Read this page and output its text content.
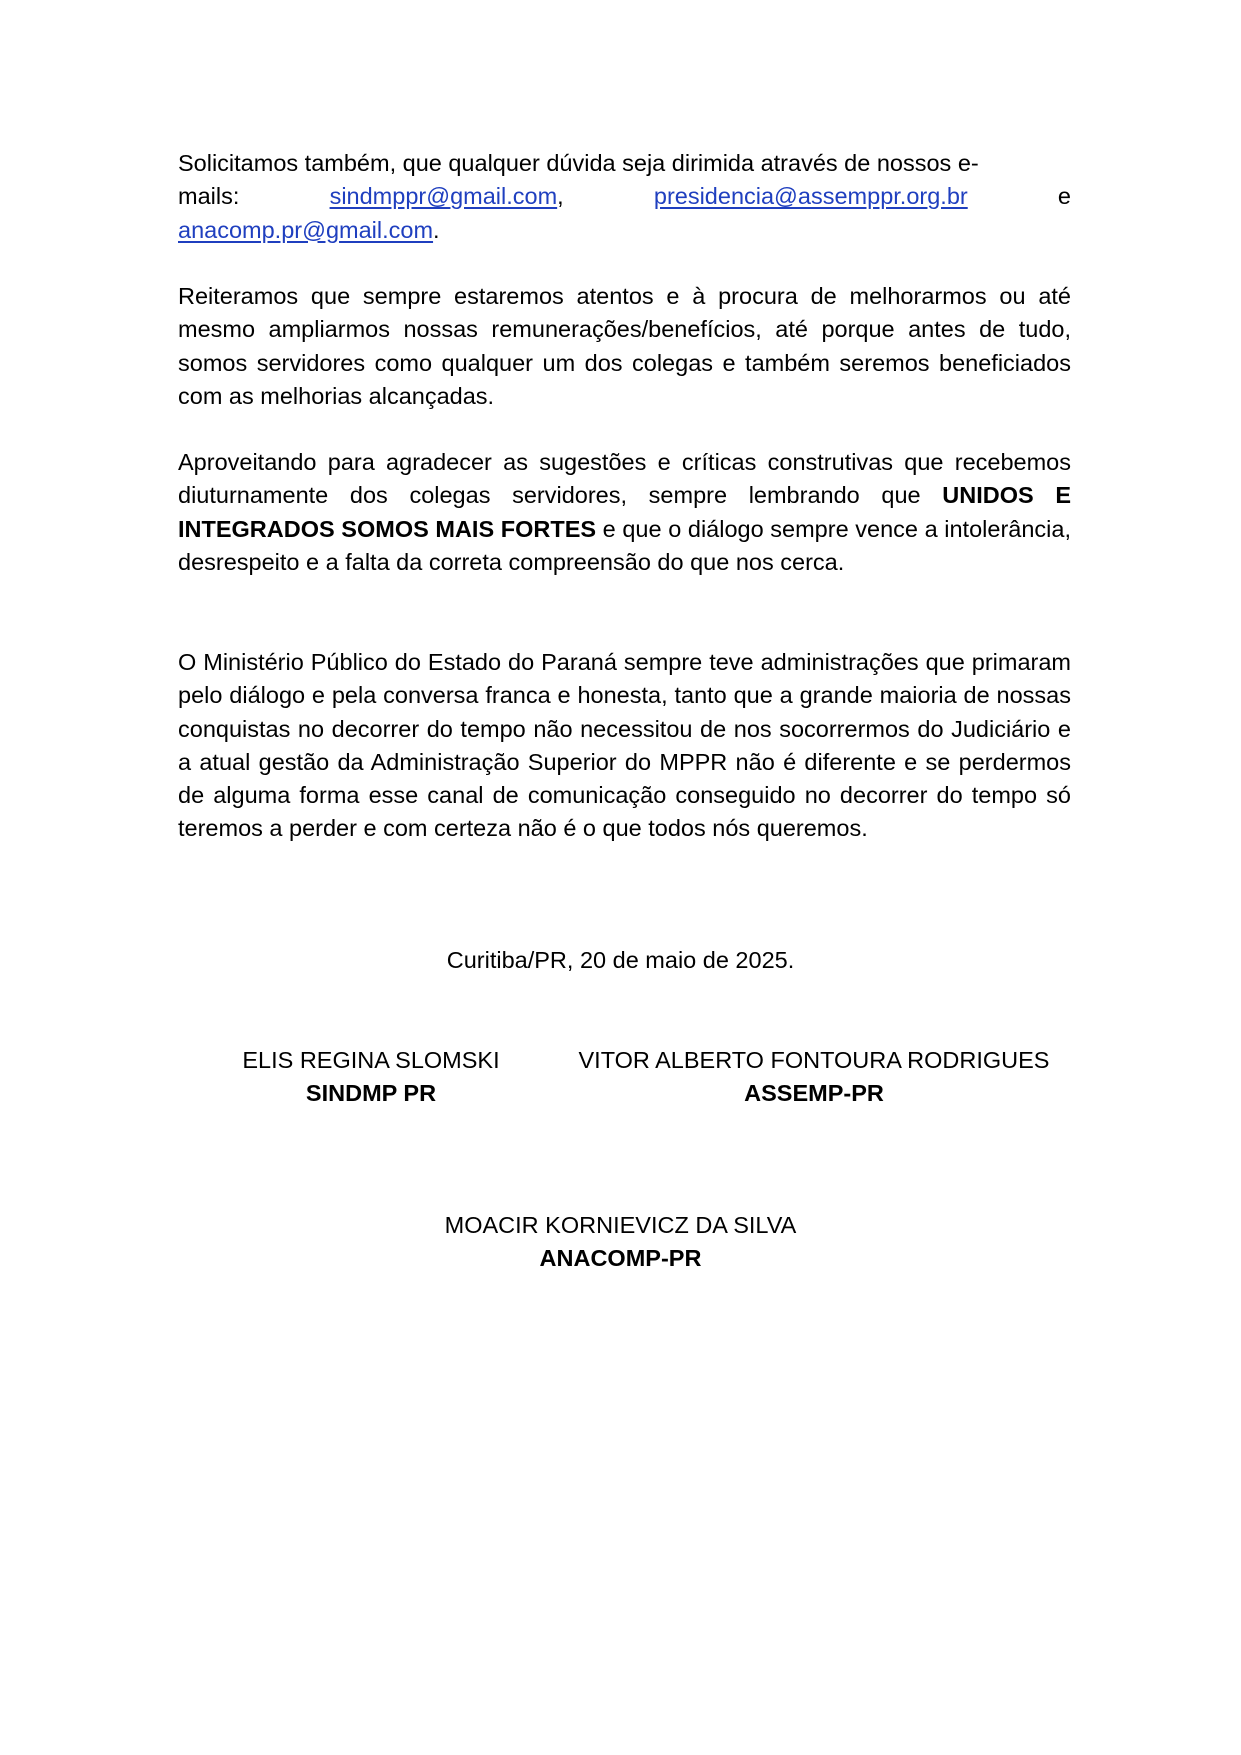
Solicitamos também, que qualquer dúvida seja dirimida através de nossos e-
mails:	sindmppr@gmail.com,	presidencia@assemppr.org.br	e
anacomp.pr@gmail.com.

Reiteramos que sempre estaremos atentos e à procura de melhorarmos ou até mesmo ampliarmos nossas remunerações/benefícios, até porque antes de tudo, somos servidores como qualquer um dos colegas e também seremos beneficiados com as melhorias alcançadas.

Aproveitando para agradecer as sugestões e críticas construtivas que recebemos diuturnamente dos colegas servidores, sempre lembrando que UNIDOS E INTEGRADOS SOMOS MAIS FORTES e que o diálogo sempre vence a intolerância, desrespeito e a falta da correta compreensão do que nos cerca.

O Ministério Público do Estado do Paraná sempre teve administrações que primaram pelo diálogo e pela conversa franca e honesta, tanto que a grande maioria de nossas conquistas no decorrer do tempo não necessitou de nos socorrermos do Judiciário e a atual gestão da Administração Superior do MPPR não é diferente e se perdermos de alguma forma esse canal de comunicação conseguido no decorrer do tempo só teremos a perder e com certeza não é o que todos nós queremos.

Curitiba/PR, 20 de maio de 2025.
ELIS REGINA SLOMSKI
SINDMP PR
VITOR ALBERTO FONTOURA RODRIGUES
ASSEMP-PR
MOACIR KORNIEVICZ DA SILVA
ANACOMP-PR
